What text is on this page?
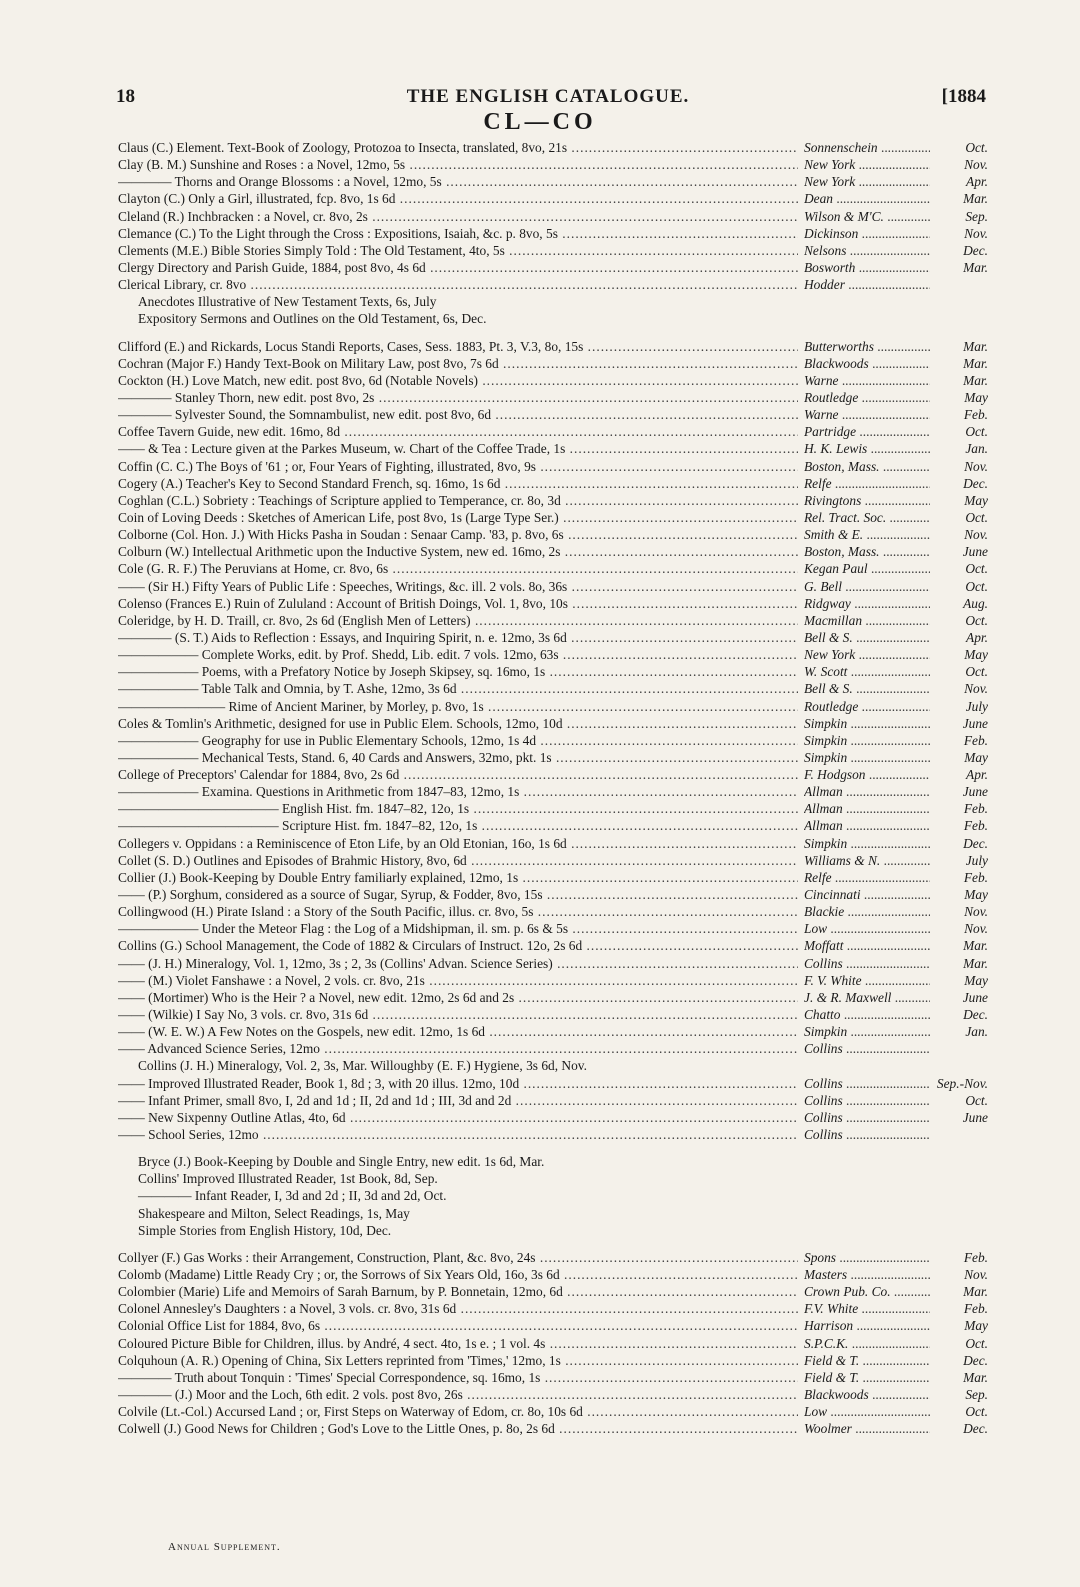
18	THE ENGLISH CATALOGUE.	[1884
CL—CO
Claus (C.) Element. Text-Book of Zoology, Protozoa to Insecta, translated, 8vo, 21s .....	Sonnenschein .....	Oct.
Clay (B. M.) Sunshine and Roses : a Novel, 12mo, 5s .....	New York .....	Nov.
———— Thorns and Orange Blossoms : a Novel, 12mo, 5s .....	New York .....	Apr.
Clayton (C.) Only a Girl, illustrated, fcp. 8vo, 1s 6d .....	Dean .....	Mar.
Cleland (R.) Inchbracken : a Novel, cr. 8vo, 2s .....	Wilson & M'C. .....	Sep.
Clemance (C.) To the Light through the Cross : Expositions, Isaiah, &c. p. 8vo, 5s .....	Dickinson .....	Nov.
Clements (M.E.) Bible Stories Simply Told : The Old Testament, 4to, 5s .....	Nelsons .....	Dec.
Clergy Directory and Parish Guide, 1884, post 8vo, 4s 6d .....	Bosworth .....	Mar.
Clerical Library, cr. 8vo .....	Hodder .....
Anecdotes Illustrative of New Testament Texts, 6s, July
Expository Sermons and Outlines on the Old Testament, 6s, Dec.
Clifford (E.) and Rickards, Locus Standi Reports, Cases, Sess. 1883, Pt. 3, V.3, 8o, 15s .....	Butterworths .....	Mar.
Cochran (Major F.) Handy Text-Book on Military Law, post 8vo, 7s 6d .....	Blackwoods .....	Mar.
Cockton (H.) Love Match, new edit. post 8vo, 6d (Notable Novels) .....	Warne .....	Mar.
———— Stanley Thorn, new edit. post 8vo, 2s .....	Routledge .....	May
———— Sylvester Sound, the Somnambulist, new edit. post 8vo, 6d .....	Warne .....	Feb.
Coffee Tavern Guide, new edit. 16mo, 8d .....	Partridge .....	Oct.
—— & Tea : Lecture given at the Parkes Museum, w. Chart of the Coffee Trade, 1s .....	H. K. Lewis .....	Jan.
Coffin (C. C.) The Boys of '61 ; or, Four Years of Fighting, illustrated, 8vo, 9s .....	Boston, Mass. .....	Nov.
Cogery (A.) Teacher's Key to Second Standard French, sq. 16mo, 1s 6d .....	Relfe .....	Dec.
Coghlan (C.L.) Sobriety : Teachings of Scripture applied to Temperance, cr. 8o, 3d .....	Rivingtons .....	May
Coin of Loving Deeds : Sketches of American Life, post 8vo, 1s (Large Type Ser.) .....	Rel. Tract. Soc. .....	Oct.
Colborne (Col. Hon. J.) With Hicks Pasha in Soudan : Senaar Camp. '83, p. 8vo, 6s .....	Smith & E. .....	Nov.
Colburn (W.) Intellectual Arithmetic upon the Inductive System, new ed. 16mo, 2s .....	Boston, Mass. .....	June
Cole (G. R. F.) The Peruvians at Home, cr. 8vo, 6s .....	Kegan Paul .....	Oct.
—— (Sir H.) Fifty Years of Public Life : Speeches, Writings, &c. ill. 2 vols. 8o, 36s .....	G. Bell .....	Oct.
Colenso (Frances E.) Ruin of Zululand : Account of British Doings, Vol. 1, 8vo, 10s .....	Ridgway .....	Aug.
Coleridge, by H. D. Traill, cr. 8vo, 2s 6d (English Men of Letters) .....	Macmillan .....	Oct.
———— (S. T.) Aids to Reflection : Essays, and Inquiring Spirit, n. e. 12mo, 3s 6d .....	Bell & S. .....	Apr.
—————— Complete Works, edit. by Prof. Shedd, Lib. edit. 7 vols. 12mo, 63s .....	New York .....	May
—————— Poems, with a Prefatory Notice by Joseph Skipsey, sq. 16mo, 1s .....	W. Scott .....	Oct.
—————— Table Talk and Omnia, by T. Ashe, 12mo, 3s 6d .....	Bell & S. .....	Nov.
———————— Rime of Ancient Mariner, by Morley, p. 8vo, 1s .....	Routledge .....	July
Coles & Tomlin's Arithmetic, designed for use in Public Elem. Schools, 12mo, 10d .....	Simpkin .....	June
—————— Geography for use in Public Elementary Schools, 12mo, 1s 4d .....	Simpkin .....	Feb.
—————— Mechanical Tests, Stand. 6, 40 Cards and Answers, 32mo, pkt. 1s .....	Simpkin .....	May
College of Preceptors' Calendar for 1884, 8vo, 2s 6d .....	F. Hodgson .....	Apr.
—————— Examina. Questions in Arithmetic from 1847–83, 12mo, 1s .....	Allman .....	June
———————————— English Hist. fm. 1847–82, 12o, 1s .....	Allman .....	Feb.
———————————— Scripture Hist. fm. 1847–82, 12o, 1s .....	Allman .....	Feb.
Collegers v. Oppidans : a Reminiscence of Eton Life, by an Old Etonian, 16o, 1s 6d .....	Simpkin .....	Dec.
Collet (S. D.) Outlines and Episodes of Brahmic History, 8vo, 6d .....	Williams & N. .....	July
Collier (J.) Book-Keeping by Double Entry familiarly explained, 12mo, 1s .....	Relfe .....	Feb.
—— (P.) Sorghum, considered as a source of Sugar, Syrup, & Fodder, 8vo, 15s .....	Cincinnati .....	May
Collingwood (H.) Pirate Island : a Story of the South Pacific, illus. cr. 8vo, 5s .....	Blackie .....	Nov.
—————— Under the Meteor Flag : the Log of a Midshipman, il. sm. p. 6s & 5s .....	Low .....	Nov.
Collins (G.) School Management, the Code of 1882 & Circulars of Instruct. 12o, 2s 6d .....	Moffatt .....	Mar.
—— (J. H.) Mineralogy, Vol. 1, 12mo, 3s ; 2, 3s (Collins' Advan. Science Series) .....	Collins .....	Mar.
—— (M.) Violet Fanshawe : a Novel, 2 vols. cr. 8vo, 21s .....	F. V. White .....	May
—— (Mortimer) Who is the Heir ? a Novel, new edit. 12mo, 2s 6d and 2s .....	J. & R. Maxwell .....	June
—— (Wilkie) I Say No, 3 vols. cr. 8vo, 31s 6d .....	Chatto .....	Dec.
—— (W. E. W.) A Few Notes on the Gospels, new edit. 12mo, 1s 6d .....	Simpkin .....	Jan.
—— Advanced Science Series, 12mo .....	Collins .....
Collins (J. H.) Mineralogy, Vol. 2, 3s, Mar. Willoughby (E. F.) Hygiene, 3s 6d, Nov.
—— Improved Illustrated Reader, Book 1, 8d ; 3, with 20 illus. 12mo, 10d .....	Collins .....	Sep.-Nov.
—— Infant Primer, small 8vo, I, 2d and 1d ; II, 2d and 1d ; III, 3d and 2d .....	Collins .....	Oct.
—— New Sixpenny Outline Atlas, 4to, 6d .....	Collins .....	June
—— School Series, 12mo .....	Collins .....
Bryce (J.) Book-Keeping by Double and Single Entry, new edit. 1s 6d, Mar.
Collins' Improved Illustrated Reader, 1st Book, 8d, Sep.
———— Infant Reader, I, 3d and 2d ; II, 3d and 2d, Oct.
Shakespeare and Milton, Select Readings, 1s, May
Simple Stories from English History, 10d, Dec.
Collyer (F.) Gas Works : their Arrangement, Construction, Plant, &c. 8vo, 24s .....	Spons .....	Feb.
Colomb (Madame) Little Ready Cry ; or, the Sorrows of Six Years Old, 16o, 3s 6d .....	Masters .....	Nov.
Colombier (Marie) Life and Memoirs of Sarah Barnum, by P. Bonnetain, 12mo, 6d .....	Crown Pub. Co. .....	Mar.
Colonel Annesley's Daughters : a Novel, 3 vols. cr. 8vo, 31s 6d .....	F.V. White .....	Feb.
Colonial Office List for 1884, 8vo, 6s .....	Harrison .....	May
Coloured Picture Bible for Children, illus. by André, 4 sect. 4to, 1s e. ; 1 vol. 4s .....	S.P.C.K. .....	Oct.
Colquhoun (A. R.) Opening of China, Six Letters reprinted from 'Times,' 12mo, 1s .....	Field & T. .....	Dec.
———— Truth about Tonquin : 'Times' Special Correspondence, sq. 16mo, 1s .....	Field & T. .....	Mar.
———— (J.) Moor and the Loch, 6th edit. 2 vols. post 8vo, 26s .....	Blackwoods .....	Sep.
Colvile (Lt.-Col.) Accursed Land ; or, First Steps on Waterway of Edom, cr. 8o, 10s 6d .....	Low .....	Oct.
Colwell (J.) Good News for Children ; God's Love to the Little Ones, p. 8o, 2s 6d .....	Woolmer .....	Dec.
Annual Supplement.
